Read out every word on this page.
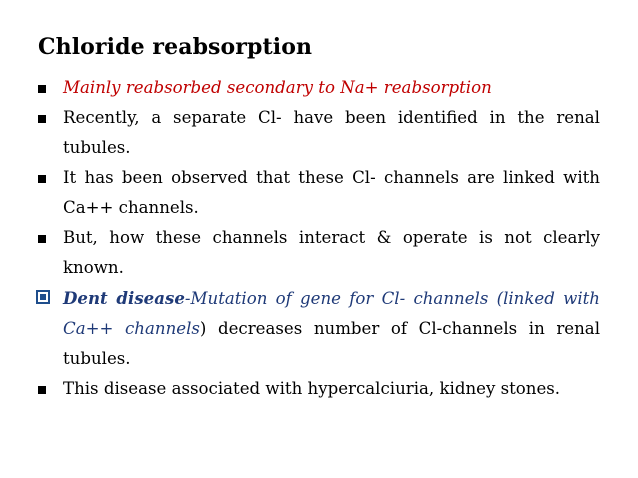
Chloride reabsorption
Mainly reabsorbed secondary to Na+ reabsorption
Recently, a separate Cl- have been identified in the renal tubules.
It has been observed that these Cl- channels are linked with Ca++ channels.
But, how these channels interact & operate is not clearly known.
Dent disease-Mutation of gene for Cl- channels (linked with Ca++ channels) decreases number of Cl-channels in renal tubules.
This disease associated with hypercalciuria, kidney stones.
